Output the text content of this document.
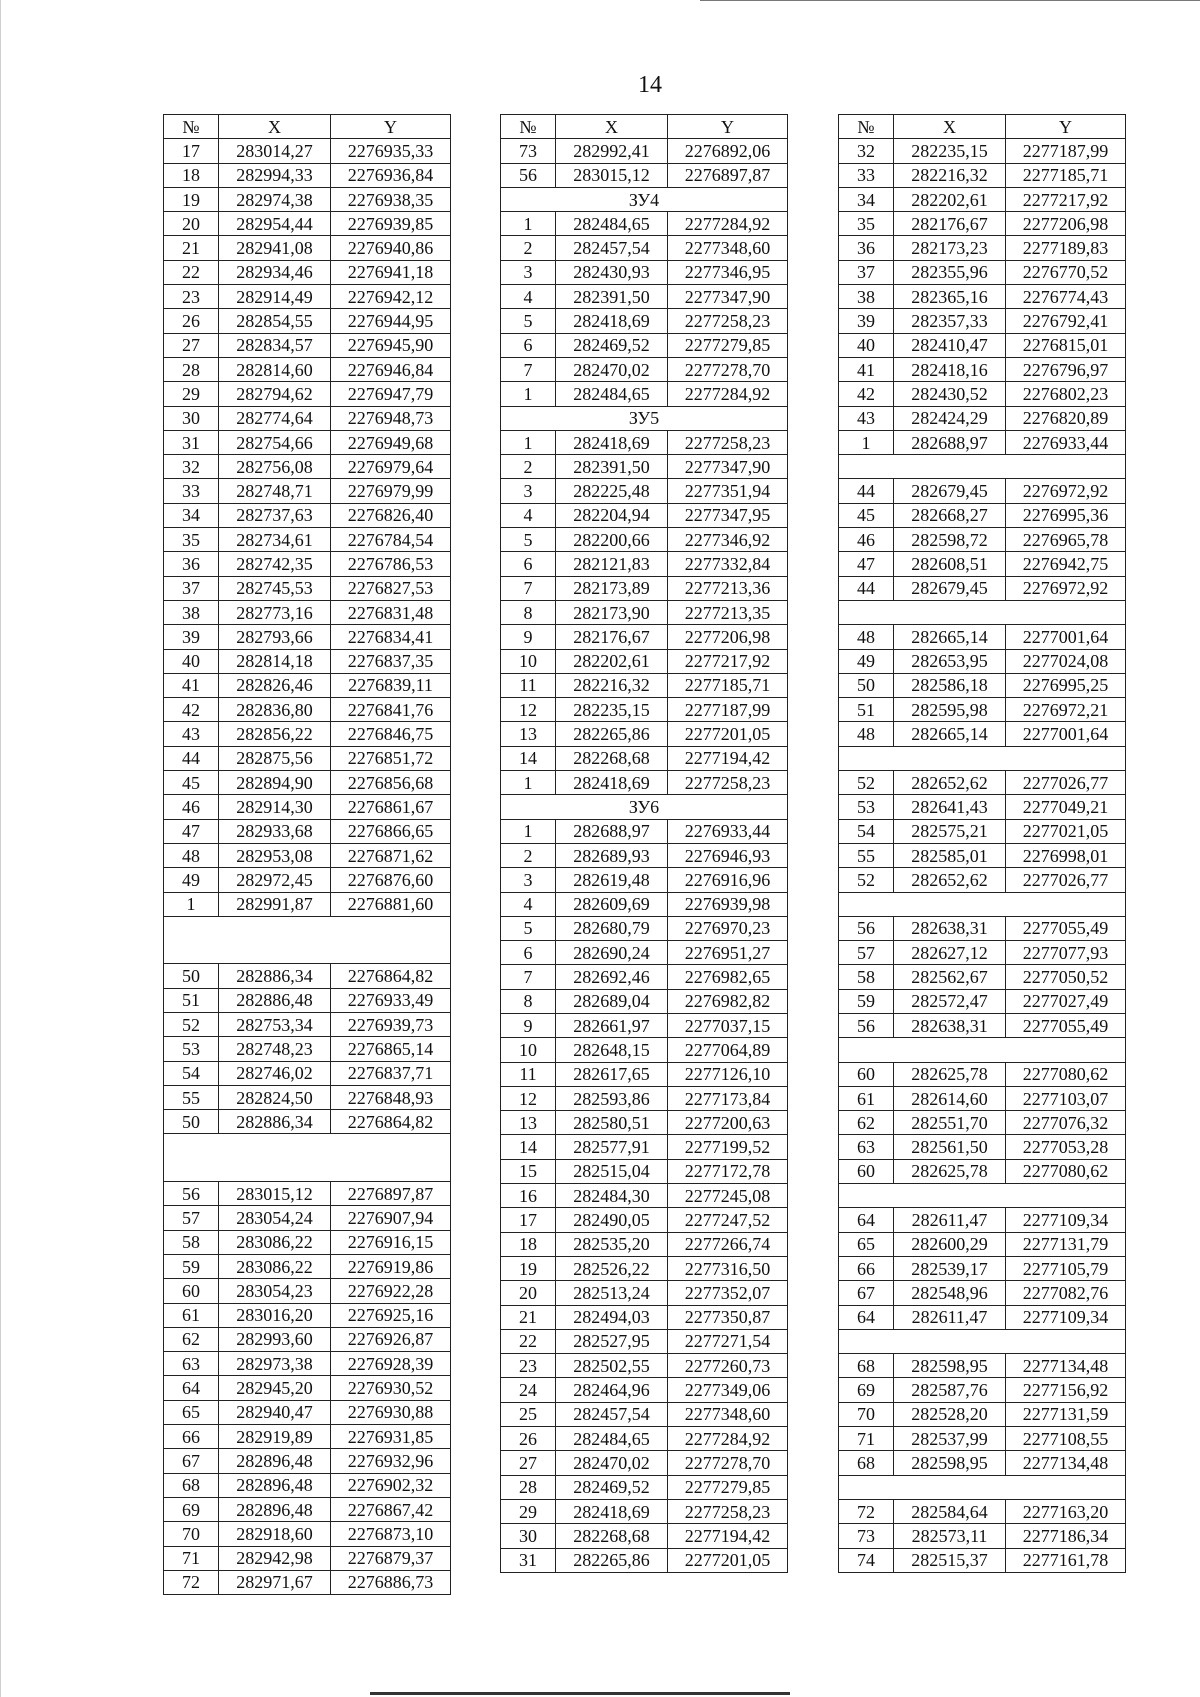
14
№	X	Y
17	283014,27	2276935,33
18	282994,33	2276936,84
19	282974,38	2276938,35
20	282954,44	2276939,85
21	282941,08	2276940,86
22	282934,46	2276941,18
23	282914,49	2276942,12
26	282854,55	2276944,95
27	282834,57	2276945,90
28	282814,60	2276946,84
29	282794,62	2276947,79
30	282774,64	2276948,73
31	282754,66	2276949,68
32	282756,08	2276979,64
33	282748,71	2276979,99
34	282737,63	2276826,40
35	282734,61	2276784,54
36	282742,35	2276786,53
37	282745,53	2276827,53
38	282773,16	2276831,48
39	282793,66	2276834,41
40	282814,18	2276837,35
41	282826,46	2276839,11
42	282836,80	2276841,76
43	282856,22	2276846,75
44	282875,56	2276851,72
45	282894,90	2276856,68
46	282914,30	2276861,67
47	282933,68	2276866,65
48	282953,08	2276871,62
49	282972,45	2276876,60
1	282991,87	2276881,60

50	282886,34	2276864,82
51	282886,48	2276933,49
52	282753,34	2276939,73
53	282748,23	2276865,14
54	282746,02	2276837,71
55	282824,50	2276848,93
50	282886,34	2276864,82

56	283015,12	2276897,87
57	283054,24	2276907,94
58	283086,22	2276916,15
59	283086,22	2276919,86
60	283054,23	2276922,28
61	283016,20	2276925,16
62	282993,60	2276926,87
63	282973,38	2276928,39
64	282945,20	2276930,52
65	282940,47	2276930,88
66	282919,89	2276931,85
67	282896,48	2276932,96
68	282896,48	2276902,32
69	282896,48	2276867,42
70	282918,60	2276873,10
71	282942,98	2276879,37
72	282971,67	2276886,73
№	X	Y
73	282992,41	2276892,06
56	283015,12	2276897,87
ЗУ4		
1	282484,65	2277284,92
2	282457,54	2277348,60
3	282430,93	2277346,95
4	282391,50	2277347,90
5	282418,69	2277258,23
6	282469,52	2277279,85
7	282470,02	2277278,70
1	282484,65	2277284,92
ЗУ5		
1	282418,69	2277258,23
2	282391,50	2277347,90
3	282225,48	2277351,94
4	282204,94	2277347,95
5	282200,66	2277346,92
6	282121,83	2277332,84
7	282173,89	2277213,36
8	282173,90	2277213,35
9	282176,67	2277206,98
10	282202,61	2277217,92
11	282216,32	2277185,71
12	282235,15	2277187,99
13	282265,86	2277201,05
14	282268,68	2277194,42
1	282418,69	2277258,23
ЗУ6		
1	282688,97	2276933,44
2	282689,93	2276946,93
3	282619,48	2276916,96
4	282609,69	2276939,98
5	282680,79	2276970,23
6	282690,24	2276951,27
7	282692,46	2276982,65
8	282689,04	2276982,82
9	282661,97	2277037,15
10	282648,15	2277064,89
11	282617,65	2277126,10
12	282593,86	2277173,84
13	282580,51	2277200,63
14	282577,91	2277199,52
15	282515,04	2277172,78
16	282484,30	2277245,08
17	282490,05	2277247,52
18	282535,20	2277266,74
19	282526,22	2277316,50
20	282513,24	2277352,07
21	282494,03	2277350,87
22	282527,95	2277271,54
23	282502,55	2277260,73
24	282464,96	2277349,06
25	282457,54	2277348,60
26	282484,65	2277284,92
27	282470,02	2277278,70
28	282469,52	2277279,85
29	282418,69	2277258,23
30	282268,68	2277194,42
31	282265,86	2277201,05
№	X	Y
32	282235,15	2277187,99
33	282216,32	2277185,71
34	282202,61	2277217,92
35	282176,67	2277206,98
36	282173,23	2277189,83
37	282355,96	2276770,52
38	282365,16	2276774,43
39	282357,33	2276792,41
40	282410,47	2276815,01
41	282418,16	2276796,97
42	282430,52	2276802,23
43	282424,29	2276820,89
1	282688,97	2276933,44

44	282679,45	2276972,92
45	282668,27	2276995,36
46	282598,72	2276965,78
47	282608,51	2276942,75
44	282679,45	2276972,92

48	282665,14	2277001,64
49	282653,95	2277024,08
50	282586,18	2276995,25
51	282595,98	2276972,21
48	282665,14	2277001,64

52	282652,62	2277026,77
53	282641,43	2277049,21
54	282575,21	2277021,05
55	282585,01	2276998,01
52	282652,62	2277026,77

56	282638,31	2277055,49
57	282627,12	2277077,93
58	282562,67	2277050,52
59	282572,47	2277027,49
56	282638,31	2277055,49

60	282625,78	2277080,62
61	282614,60	2277103,07
62	282551,70	2277076,32
63	282561,50	2277053,28
60	282625,78	2277080,62

64	282611,47	2277109,34
65	282600,29	2277131,79
66	282539,17	2277105,79
67	282548,96	2277082,76
64	282611,47	2277109,34

68	282598,95	2277134,48
69	282587,76	2277156,92
70	282528,20	2277131,59
71	282537,99	2277108,55
68	282598,95	2277134,48

72	282584,64	2277163,20
73	282573,11	2277186,34
74	282515,37	2277161,78
